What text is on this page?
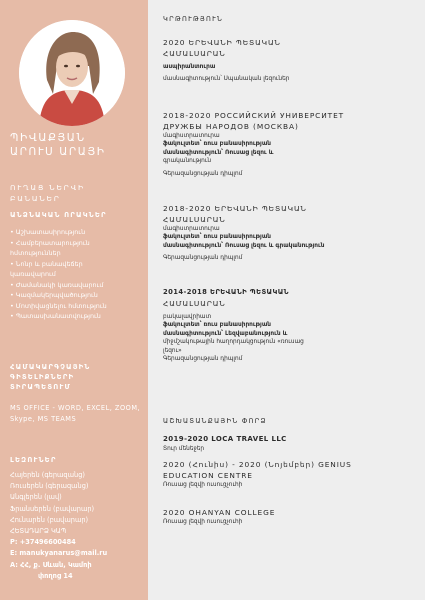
ՊԻՎԱՔՅԱՆ
ԱՐՈՒՍ ԱՐԱՅԻ
ՈՒՂԱՑ ՆԵՐՎԻ
ԲԱՆԱՆԵՐ
ԱՆՁՆԱԿԱՆ ՈՐԱԿՆԵՐ
• Աշխատասիրություն
• Համբերատարություն
հմտություններ
• Նոնր և բանավեճեր
կառավարում
• Ժամանակի կառավարում
• Կազմակերպվածություն
• Մոտիվացնելու հմտություն
• Պատասխանատվություն
ՀԱՄԱԿԱՐԳՉԱՅԻՆ
ԳԻՏԵԼԻՔՆԵՐԻ
ՏԻՐԱՊԵՏՈՒՄ
MS OFFICE - WORD, EXCEL, ZOOM, Skype, MS TEAMS
ԼԵԶՈՒՆԵՐ
Հայերեն (գերազանց)
Ռուսերեն (գերազանց)
Անգլերեն (լավ)
Ֆրանսերեն (բավարար)
Հունարեն (բավարար)
ՀԵՏԱԴԱՐՁ ԿԱՊ
P: +37496600484
E: manukyanarus@mail.ru
A: ՀՀ, ք. Սևան, Կամոի
փողոց 14
ԿՐԹՈՒԹՅՈՒՆ
2020 ԵՐԵՎԱՆԻ ՊԵՏԱԿԱՆ
ՀԱՄԱԼՍԱՐԱՆ
ասպիրանտուրա
մասնագիտություն՝ Սպանական լեզուներ
2018-2020 РОССИЙСКИЙ УНИВЕРСИТЕТ
ДРУЖБЫ НАРОДОВ (МОСКВА)
մագիստրատուրա
ֆակուլտետ՝ ռուս բանասիրության
մասնագիտություն՝ Ռուսաց լեզու և
գրականություն
Գերազանցության դիպլոմ
2018-2020 ԵՐԵՎԱՆԻ ՊԵՏԱԿԱՆ
ՀԱՄԱԼՍԱՐԱՆ
մագիստրատուրա
ֆակուլտետ՝ ռուս բանասիրության
մասնագիտություն՝ Ռուսաց լեզու և գրականություն
Գերազանցության դիպլոմ
2014-2018 ԵՐԵՎԱՆԻ ՊԵՏԱԿԱՆ
ՀԱՄԱԼՍԱՐԱՆ
բակալավրիատ
ֆակուլտետ՝ ռուս բանասիրության
մասնագիտություն՝ Լեզվաբանություն և
միջմշակութային հաղորդակցություն «ռուսաց
լեզու»
Գերազանցության դիպլոմ
ԱՇԽԱՏԱՆՔԱՅԻՆ ՓՈՐՁ
2019-2020 LOCA TRAVEL LLC
Տուր մենեջեր
2020 (Հունիս) - 2020 (Նոյեմբեր) GENIUS
EDUCATION CENTRE
Ռուսաց լեզվի ուսուցչուհի
2020 OHANYAN COLLEGE
Ռուսաց լեզվի ուսուցչուհի
